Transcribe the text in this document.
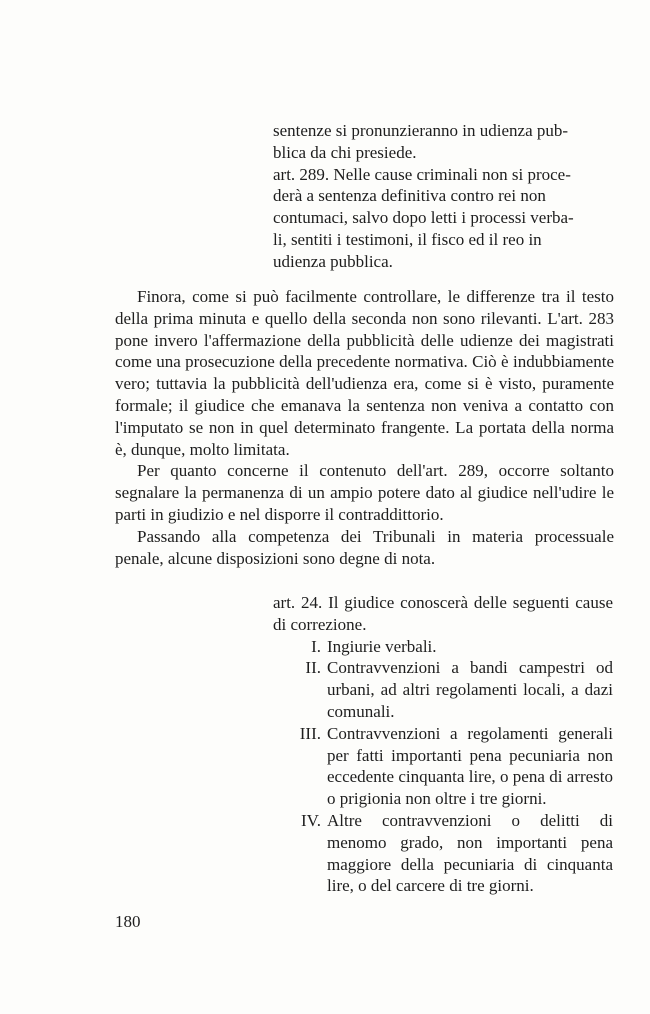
sentenze si pronunzieranno in udienza pub-
blica da chi presiede.
art. 289. Nelle cause criminali non si proce-
derà a sentenza definitiva contro rei non
contumaci, salvo dopo letti i processi verba-
li, sentiti i testimoni, il fisco ed il reo in
udienza pubblica.

Finora, come si può facilmente controllare, le differenze tra il testo della prima minuta e quello della seconda non sono rilevanti. L'art. 283 pone invero l'affermazione della pubblicità delle udienze dei magistrati come una prosecuzione della precedente normativa. Ciò è indubbiamente vero; tuttavia la pubblicità dell'udienza era, come si è visto, puramente formale; il giudice che emanava la sentenza non veniva a contatto con l'imputato se non in quel determinato frangente. La portata della norma è, dunque, molto limitata.

Per quanto concerne il contenuto dell'art. 289, occorre soltanto segnalare la permanenza di un ampio potere dato al giudice nell'udire le parti in giudizio e nel disporre il contraddittorio.

Passando alla competenza dei Tribunali in materia processuale penale, alcune disposizioni sono degne di nota.

art. 24. Il giudice conoscerà delle seguenti cause di correzione.

I. Ingiurie verbali.

II. Contravvenzioni a bandi campestri od urbani, ad altri regolamenti locali, a dazi comunali.

III. Contravvenzioni a regolamenti generali per fatti importanti pena pecuniaria non eccedente cinquanta lire, o pena di arresto o prigionia non oltre i tre giorni.

IV. Altre contravvenzioni o delitti di menomo grado, non importanti pena maggiore della pecuniaria di cinquanta lire, o del carcere di tre giorni.

180
